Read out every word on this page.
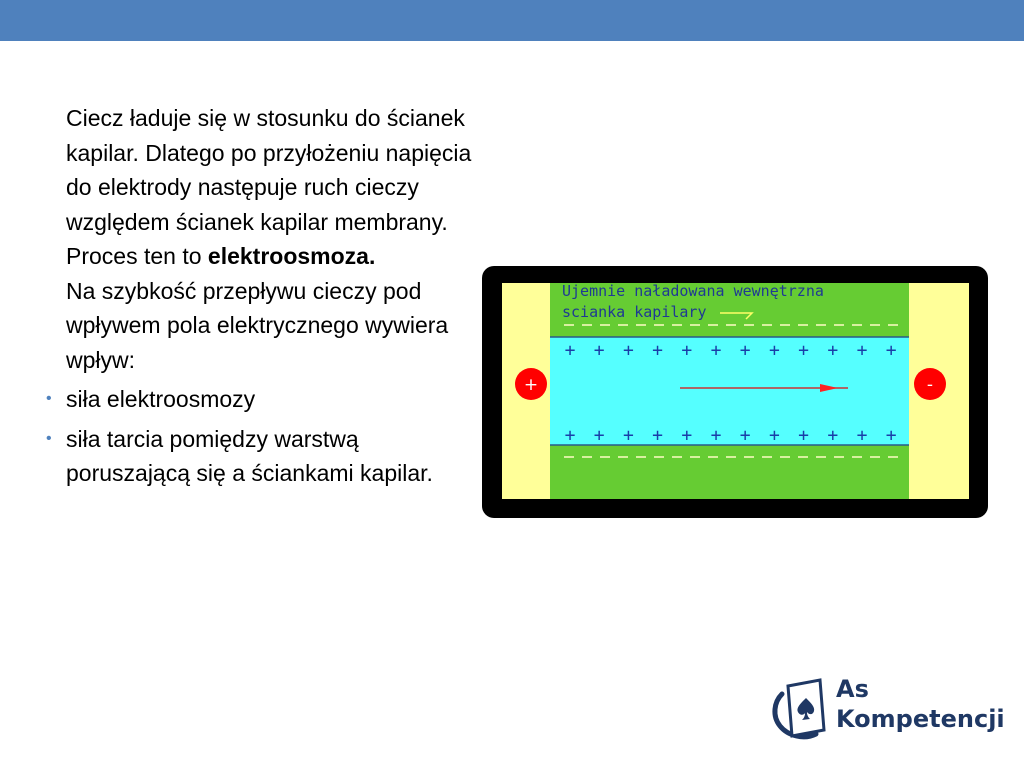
Ciecz ładuje się w stosunku do ścianek kapilar. Dlatego po przyłożeniu napięcia do elektrody następuje ruch cieczy względem ścianek kapilar membrany. Proces ten to elektroosmoza.
Na szybkość przepływu cieczy pod wpływem pola elektrycznego wywiera wpływ:
• siła elektroosmozy
• siła tarcia pomiędzy warstwą poruszającą się a ściankami kapilar.
Ujemnie naładowana wewnętrzna
scianka kapilary
+ + + + + + + + + + + +
+ + + + + + + + + + + +
+	-
As
Kompetencji
